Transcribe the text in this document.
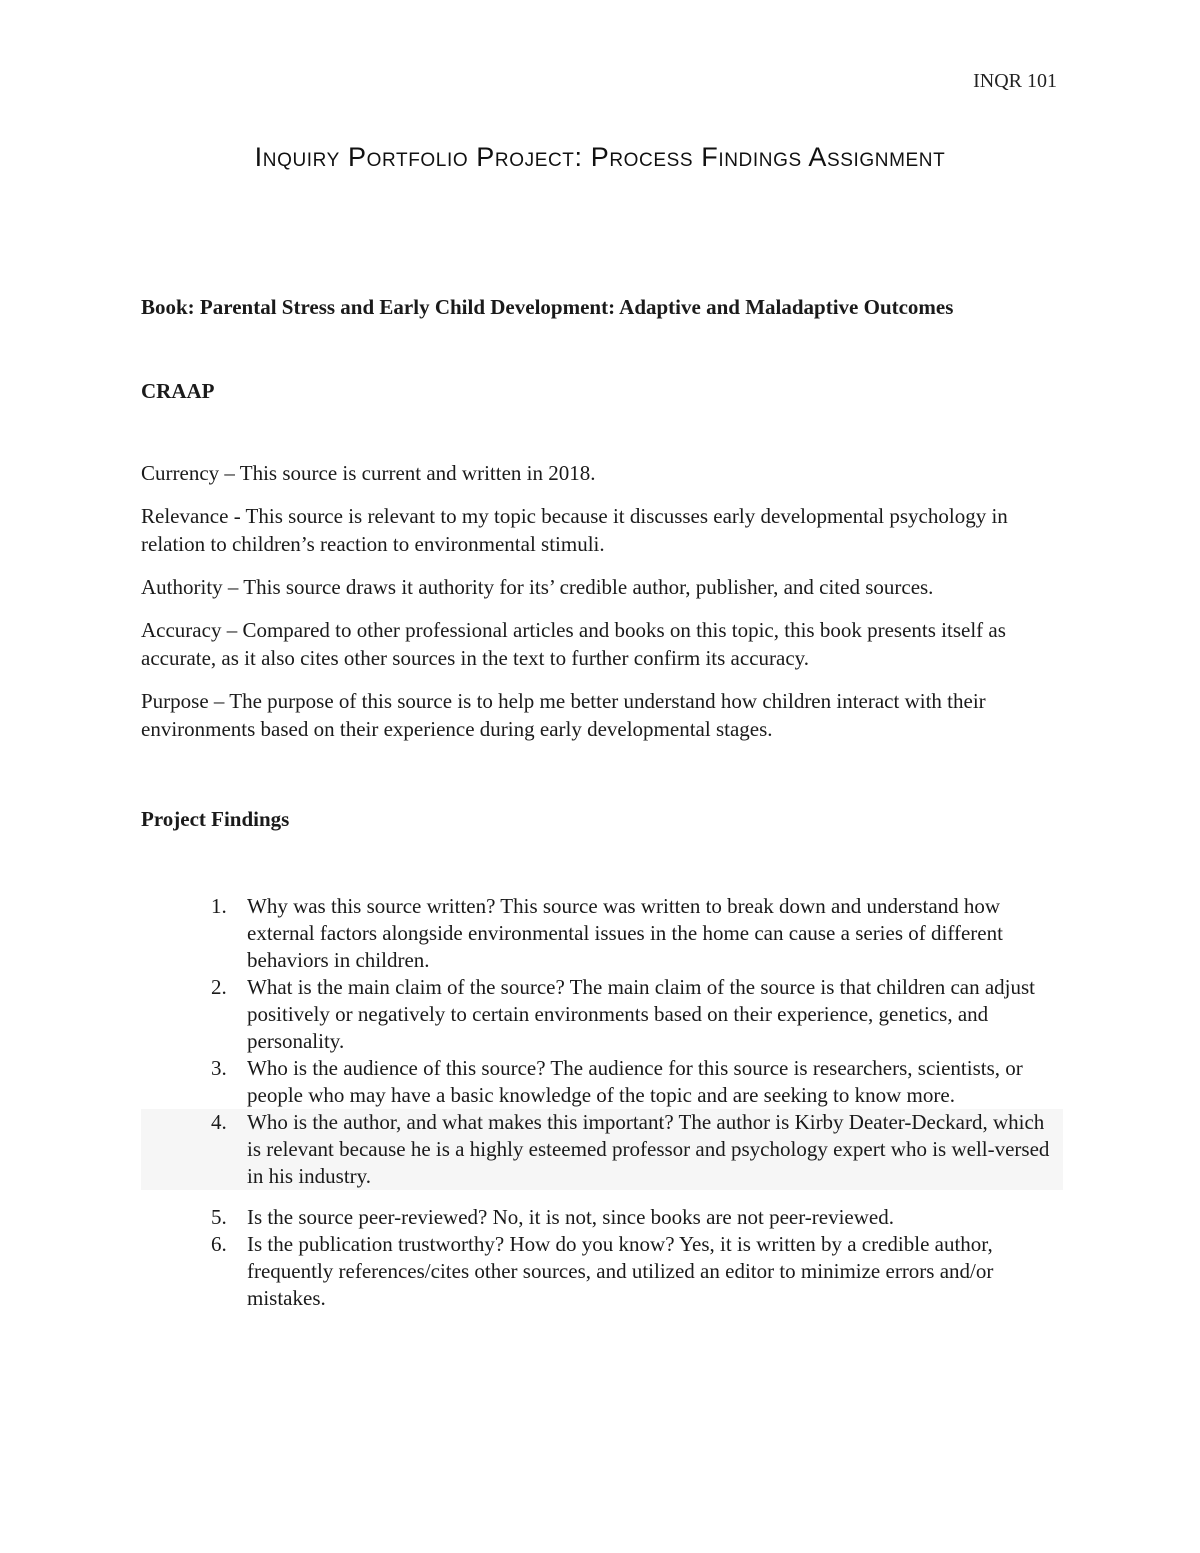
INQR 101
Inquiry Portfolio Project: Process Findings Assignment

Book: Parental Stress and Early Child Development: Adaptive and Maladaptive Outcomes

CRAAP

Currency – This source is current and written in 2018.

Relevance - This source is relevant to my topic because it discusses early developmental psychology in relation to children’s reaction to environmental stimuli.

Authority – This source draws it authority for its’ credible author, publisher, and cited sources.

Accuracy – Compared to other professional articles and books on this topic, this book presents itself as accurate, as it also cites other sources in the text to further confirm its accuracy.

Purpose – The purpose of this source is to help me better understand how children interact with their environments based on their experience during early developmental stages.

Project Findings

1. Why was this source written? This source was written to break down and understand how external factors alongside environmental issues in the home can cause a series of different behaviors in children.
2. What is the main claim of the source? The main claim of the source is that children can adjust positively or negatively to certain environments based on their experience, genetics, and personality.
3. Who is the audience of this source? The audience for this source is researchers, scientists, or people who may have a basic knowledge of the topic and are seeking to know more.
4. Who is the author, and what makes this important? The author is Kirby Deater-Deckard, which is relevant because he is a highly esteemed professor and psychology expert who is well-versed in his industry.
5. Is the source peer-reviewed? No, it is not, since books are not peer-reviewed.
6. Is the publication trustworthy? How do you know? Yes, it is written by a credible author, frequently references/cites other sources, and utilized an editor to minimize errors and/or mistakes.
